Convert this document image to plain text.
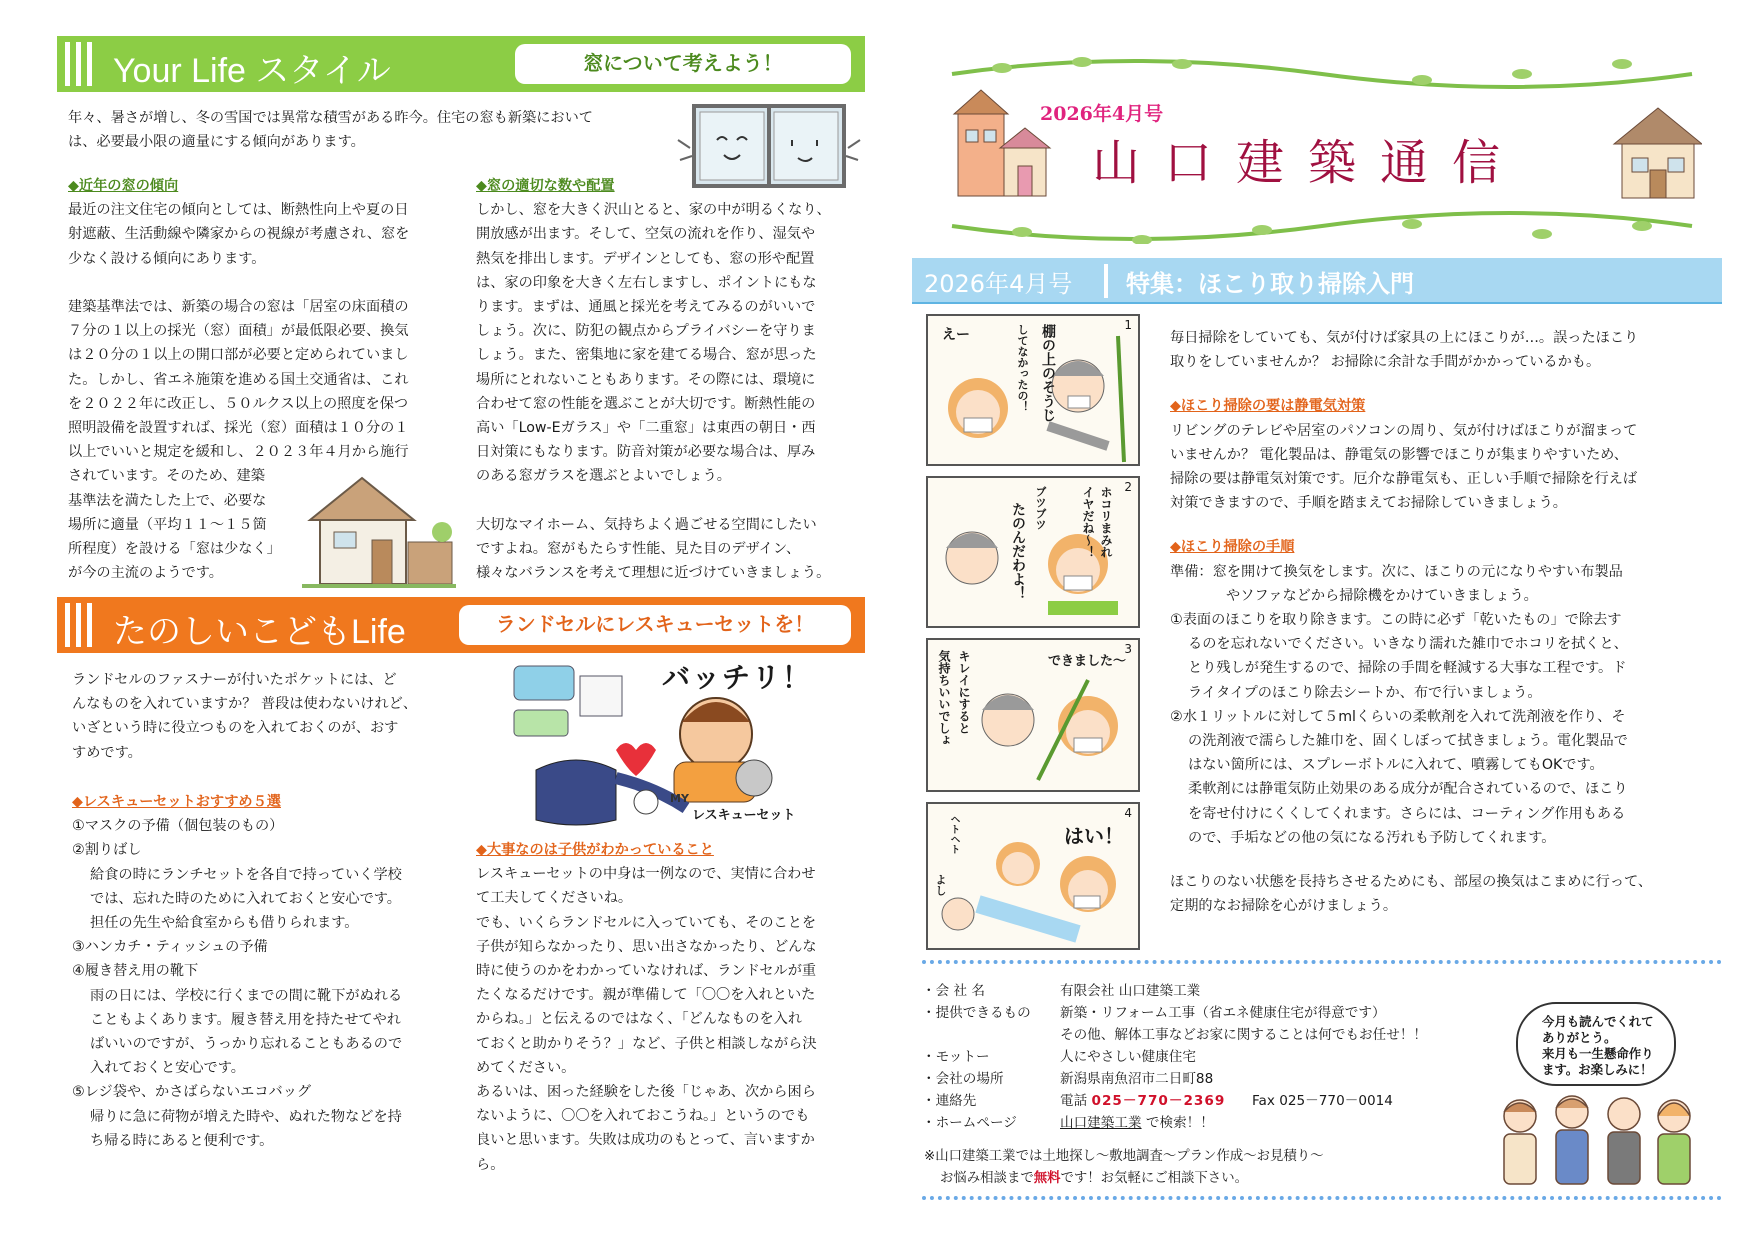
Your Life スタイル	窓について考えよう！
年々、暑さが増し、冬の雪国では異常な積雪がある昨今。住宅の窓も新築において
は、必要最小限の適量にする傾向があります。
◆近年の窓の傾向
最近の注文住宅の傾向としては、断熱性向上や夏の日
射遮蔽、生活動線や隣家からの視線が考慮され、窓を
少なく設ける傾向にあります。
建築基準法では、新築の場合の窓は「居室の床面積の
７分の１以上の採光（窓）面積」が最低限必要、換気
は２０分の１以上の開口部が必要と定められていまし
た。しかし、省エネ施策を進める国土交通省は、これ
を２０２２年に改正し、５０ルクス以上の照度を保つ
照明設備を設置すれば、採光（窓）面積は１０分の１
以上でいいと規定を緩和し、２０２３年４月から施行
されています。そのため、建築
基準法を満たした上で、必要な
場所に適量（平均１１～１５箇
所程度）を設ける「窓は少なく」
が今の主流のようです。
◆窓の適切な数や配置
しかし、窓を大きく沢山とると、家の中が明るくなり、
開放感が出ます。そして、空気の流れを作り、湿気や
熱気を排出します。デザインとしても、窓の形や配置
は、家の印象を大きく左右しますし、ポイントにもな
ります。まずは、通風と採光を考えてみるのがいいで
しょう。次に、防犯の観点からプライバシーを守りま
しょう。また、密集地に家を建てる場合、窓が思った
場所にとれないこともあります。その際には、環境に
合わせて窓の性能を選ぶことが大切です。断熱性能の
高い「Low-Eガラス」や「二重窓」は東西の朝日・西
日対策にもなります。防音対策が必要な場合は、厚み
のある窓ガラスを選ぶとよいでしょう。
大切なマイホーム、気持ちよく過ごせる空間にしたい
ですよね。窓がもたらす性能、見た目のデザイン、
様々なバランスを考えて理想に近づけていきましょう。
たのしいこどもLife	ランドセルにレスキューセットを！
ランドセルのファスナーが付いたポケットには、ど
んなものを入れていますか？ 普段は使わないけれど、
いざという時に役立つものを入れておくのが、おす
すめです。
◆レスキューセットおすすめ５選
①マスクの予備（個包装のもの）
②割りばし
給食の時にランチセットを各自で持っていく学校
では、忘れた時のために入れておくと安心です。
担任の先生や給食室からも借りられます。
③ハンカチ・ティッシュの予備
④履き替え用の靴下
雨の日には、学校に行くまでの間に靴下がぬれる
こともよくあります。履き替え用を持たせてやれ
ばいいのですが、うっかり忘れることもあるので
入れておくと安心です。
⑤レジ袋や、かさばらないエコバッグ
帰りに急に荷物が増えた時や、ぬれた物などを持
ち帰る時にあると便利です。
バッチリ！
MY
レスキューセット
◆大事なのは子供がわかっていること
レスキューセットの中身は一例なので、実情に合わせ
て工夫してくださいね。
でも、いくらランドセルに入っていても、そのことを
子供が知らなかったり、思い出さなかったり、どんな
時に使うのかをわかっていなければ、ランドセルが重
たくなるだけです。親が準備して「〇〇を入れといた
からね。」と伝えるのではなく、「どんなものを入れ
ておくと助かりそう？」など、子供と相談しながら決
めてください。
あるいは、困った経験をした後「じゃあ、次から困ら
ないように、〇〇を入れておこうね。」というのでも
良いと思います。失敗は成功のもとって、言いますか
ら。
2026年4月号
山口建築通信
2026年4月号 特集：ほこり取り掃除入門
1
えー	棚の上のそうじ
してなかったの！
2
ホコリまみれ
イヤだね～！
たのんだわよ！ ブツブツ
3
できました～
キレイにすると
気持ちいいでしょ
4
はい！
ヘトヘト
よし
毎日掃除をしていても、気が付けば家具の上にほこりが…。誤ったほこり
取りをしていませんか？ お掃除に余計な手間がかかっているかも。
◆ほこり掃除の要は静電気対策
リビングのテレビや居室のパソコンの周り、気が付けばほこりが溜まって
いませんか？ 電化製品は、静電気の影響でほこりが集まりやすいため、
掃除の要は静電気対策です。厄介な静電気も、正しい手順で掃除を行えば
対策できますので、手順を踏まえてお掃除していきましょう。
◆ほこり掃除の手順
準備：窓を開けて換気をします。次に、ほこりの元になりやすい布製品
やソファなどから掃除機をかけていきましょう。
①表面のほこりを取り除きます。この時に必ず「乾いたもの」で除去す
るのを忘れないでください。いきなり濡れた雑巾でホコリを拭くと、
とり残しが発生するので、掃除の手間を軽減する大事な工程です。ド
ライタイプのほこり除去シートか、布で行いましょう。
②水１リットルに対して５mlくらいの柔軟剤を入れて洗剤液を作り、そ
の洗剤液で濡らした雑巾を、固くしぼって拭きましょう。電化製品で
はない箇所には、スプレーボトルに入れて、噴霧してもOKです。
柔軟剤には静電気防止効果のある成分が配合されているので、ほこり
を寄せ付けにくくしてくれます。さらには、コーティング作用もある
ので、手垢などの他の気になる汚れも予防してくれます。
ほこりのない状態を長持ちさせるためにも、部屋の換気はこまめに行って、
定期的なお掃除を心がけましょう。
・会 社 名	有限会社 山口建築工業
・提供できるもの	新築・リフォーム工事（省エネ健康住宅が得意です）
その他、解体工事などお家に関することは何でもお任せ！！
・モットー	人にやさしい健康住宅
・会社の場所	新潟県南魚沼市二日町88
・連絡先	電話 025－770－2369 Fax 025－770－0014
・ホームページ	山口建築工業 で検索！！
※山口建築工業では土地探し～敷地調査～プラン作成～お見積り～
お悩み相談まで無料です！お気軽にご相談下さい。
今月も読んでくれて
ありがとう。
来月も一生懸命作り
ます。お楽しみに！
